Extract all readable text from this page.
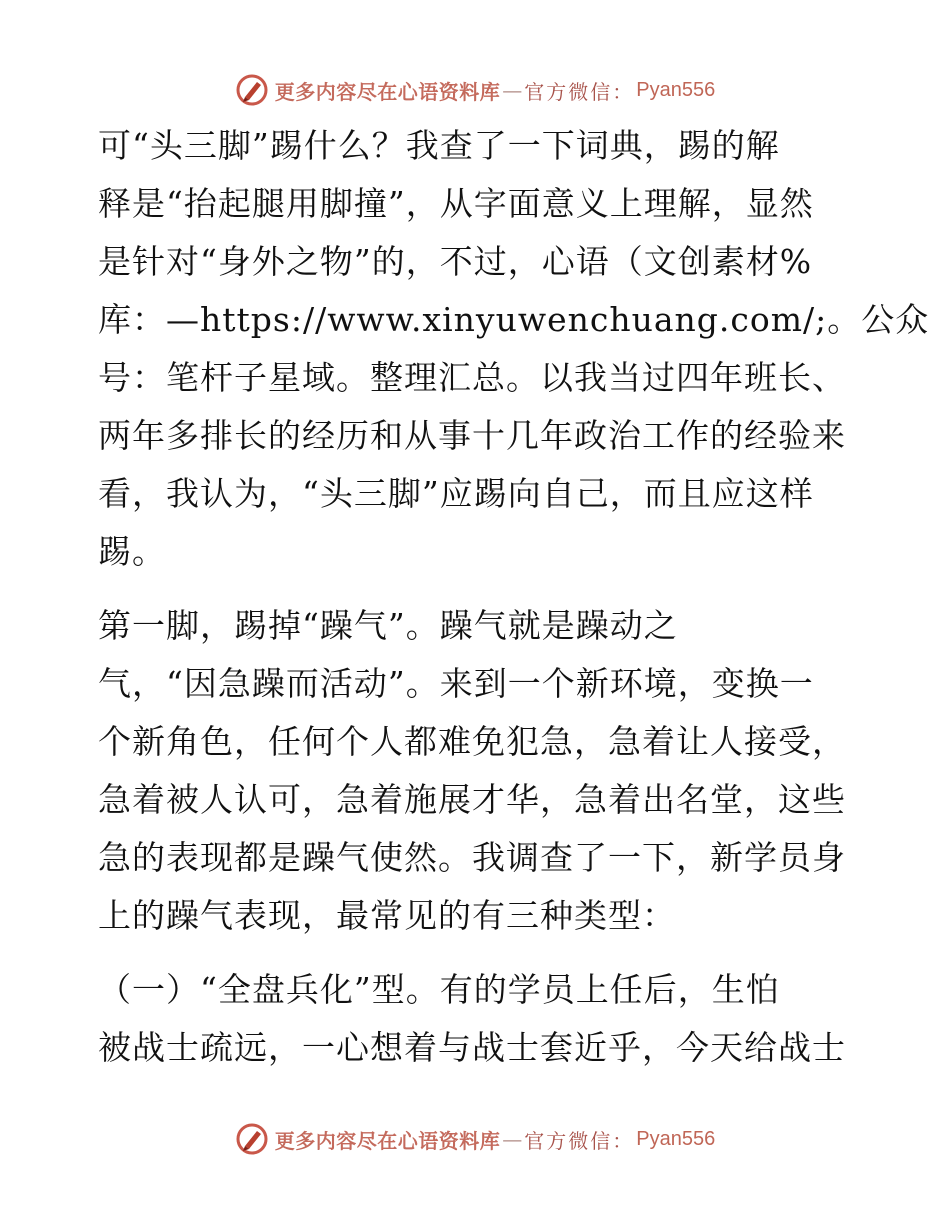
更多内容尽在心语资料库 — 官方微信： Pyan556
可“头三脚”踢什么？我查了一下词典，踢的解
释是“抬起腿用脚撞”，从字面意义上理解，显然
是针对“身外之物”的，不过，心语（文创素材%
库：—https://www.xinyuwenchuang.com/;。公众
号：笔杆子星域。整理汇总。以我当过四年班长、
两年多排长的经历和从事十几年政治工作的经验来
看，我认为，“头三脚”应踢向自己，而且应这样
踢。
第一脚，踢掉“躁气”。躁气就是躁动之
气，“因急躁而活动”。来到一个新环境，变换一
个新角色，任何个人都难免犯急，急着让人接受，
急着被人认可，急着施展才华，急着出名堂，这些
急的表现都是躁气使然。我调查了一下，新学员身
上的躁气表现，最常见的有三种类型：
（一）“全盘兵化”型。有的学员上任后，生怕
被战士疏远，一心想着与战士套近乎，今天给战士
更多内容尽在心语资料库 — 官方微信： Pyan556
